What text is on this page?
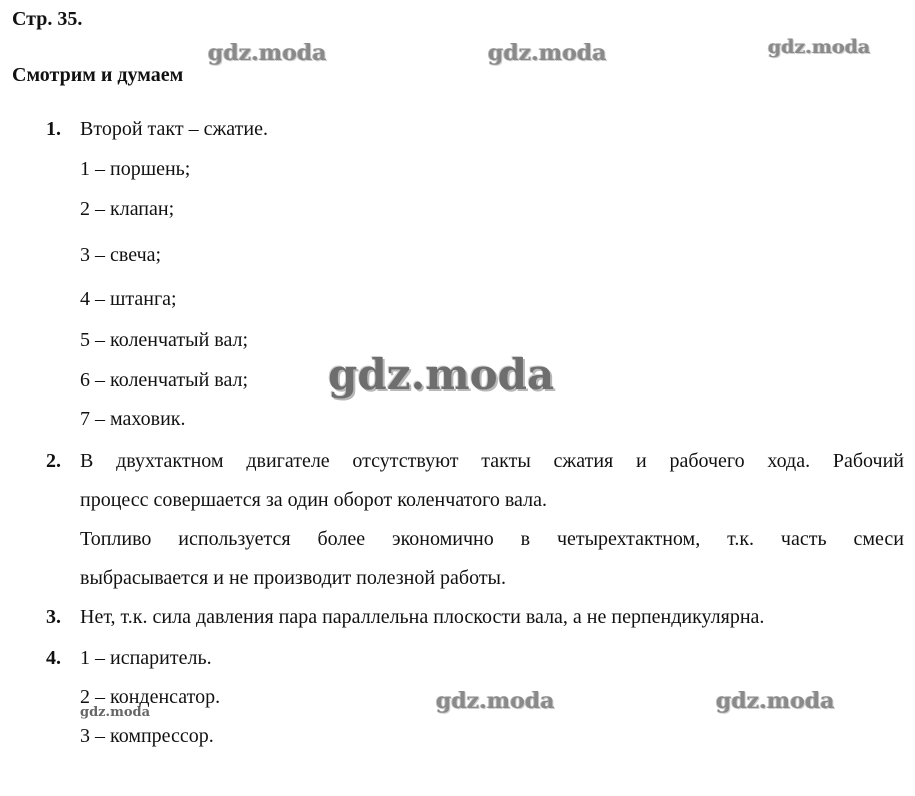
Стр. 35.
Смотрим и думаем
gdz.moda	gdz.moda	gdz.moda
gdz.moda
gdz.moda	gdz.moda
gdz.moda
1. Второй такт – сжатие.
1 – поршень;
2 – клапан;
3 – свеча;
4 – штанга;
5 – коленчатый вал;
6 – коленчатый вал;
7 – маховик.
2. В двухтактном двигателе отсутствуют такты сжатия и рабочего хода. Рабочий
процесс совершается за один оборот коленчатого вала.
Топливо используется более экономично в четырехтактном, т.к. часть смеси
выбрасывается и не производит полезной работы.
3. Нет, т.к. сила давления пара параллельна плоскости вала, а не перпендикулярна.
4. 1 – испаритель.
2 – конденсатор.
3 – компрессор.
